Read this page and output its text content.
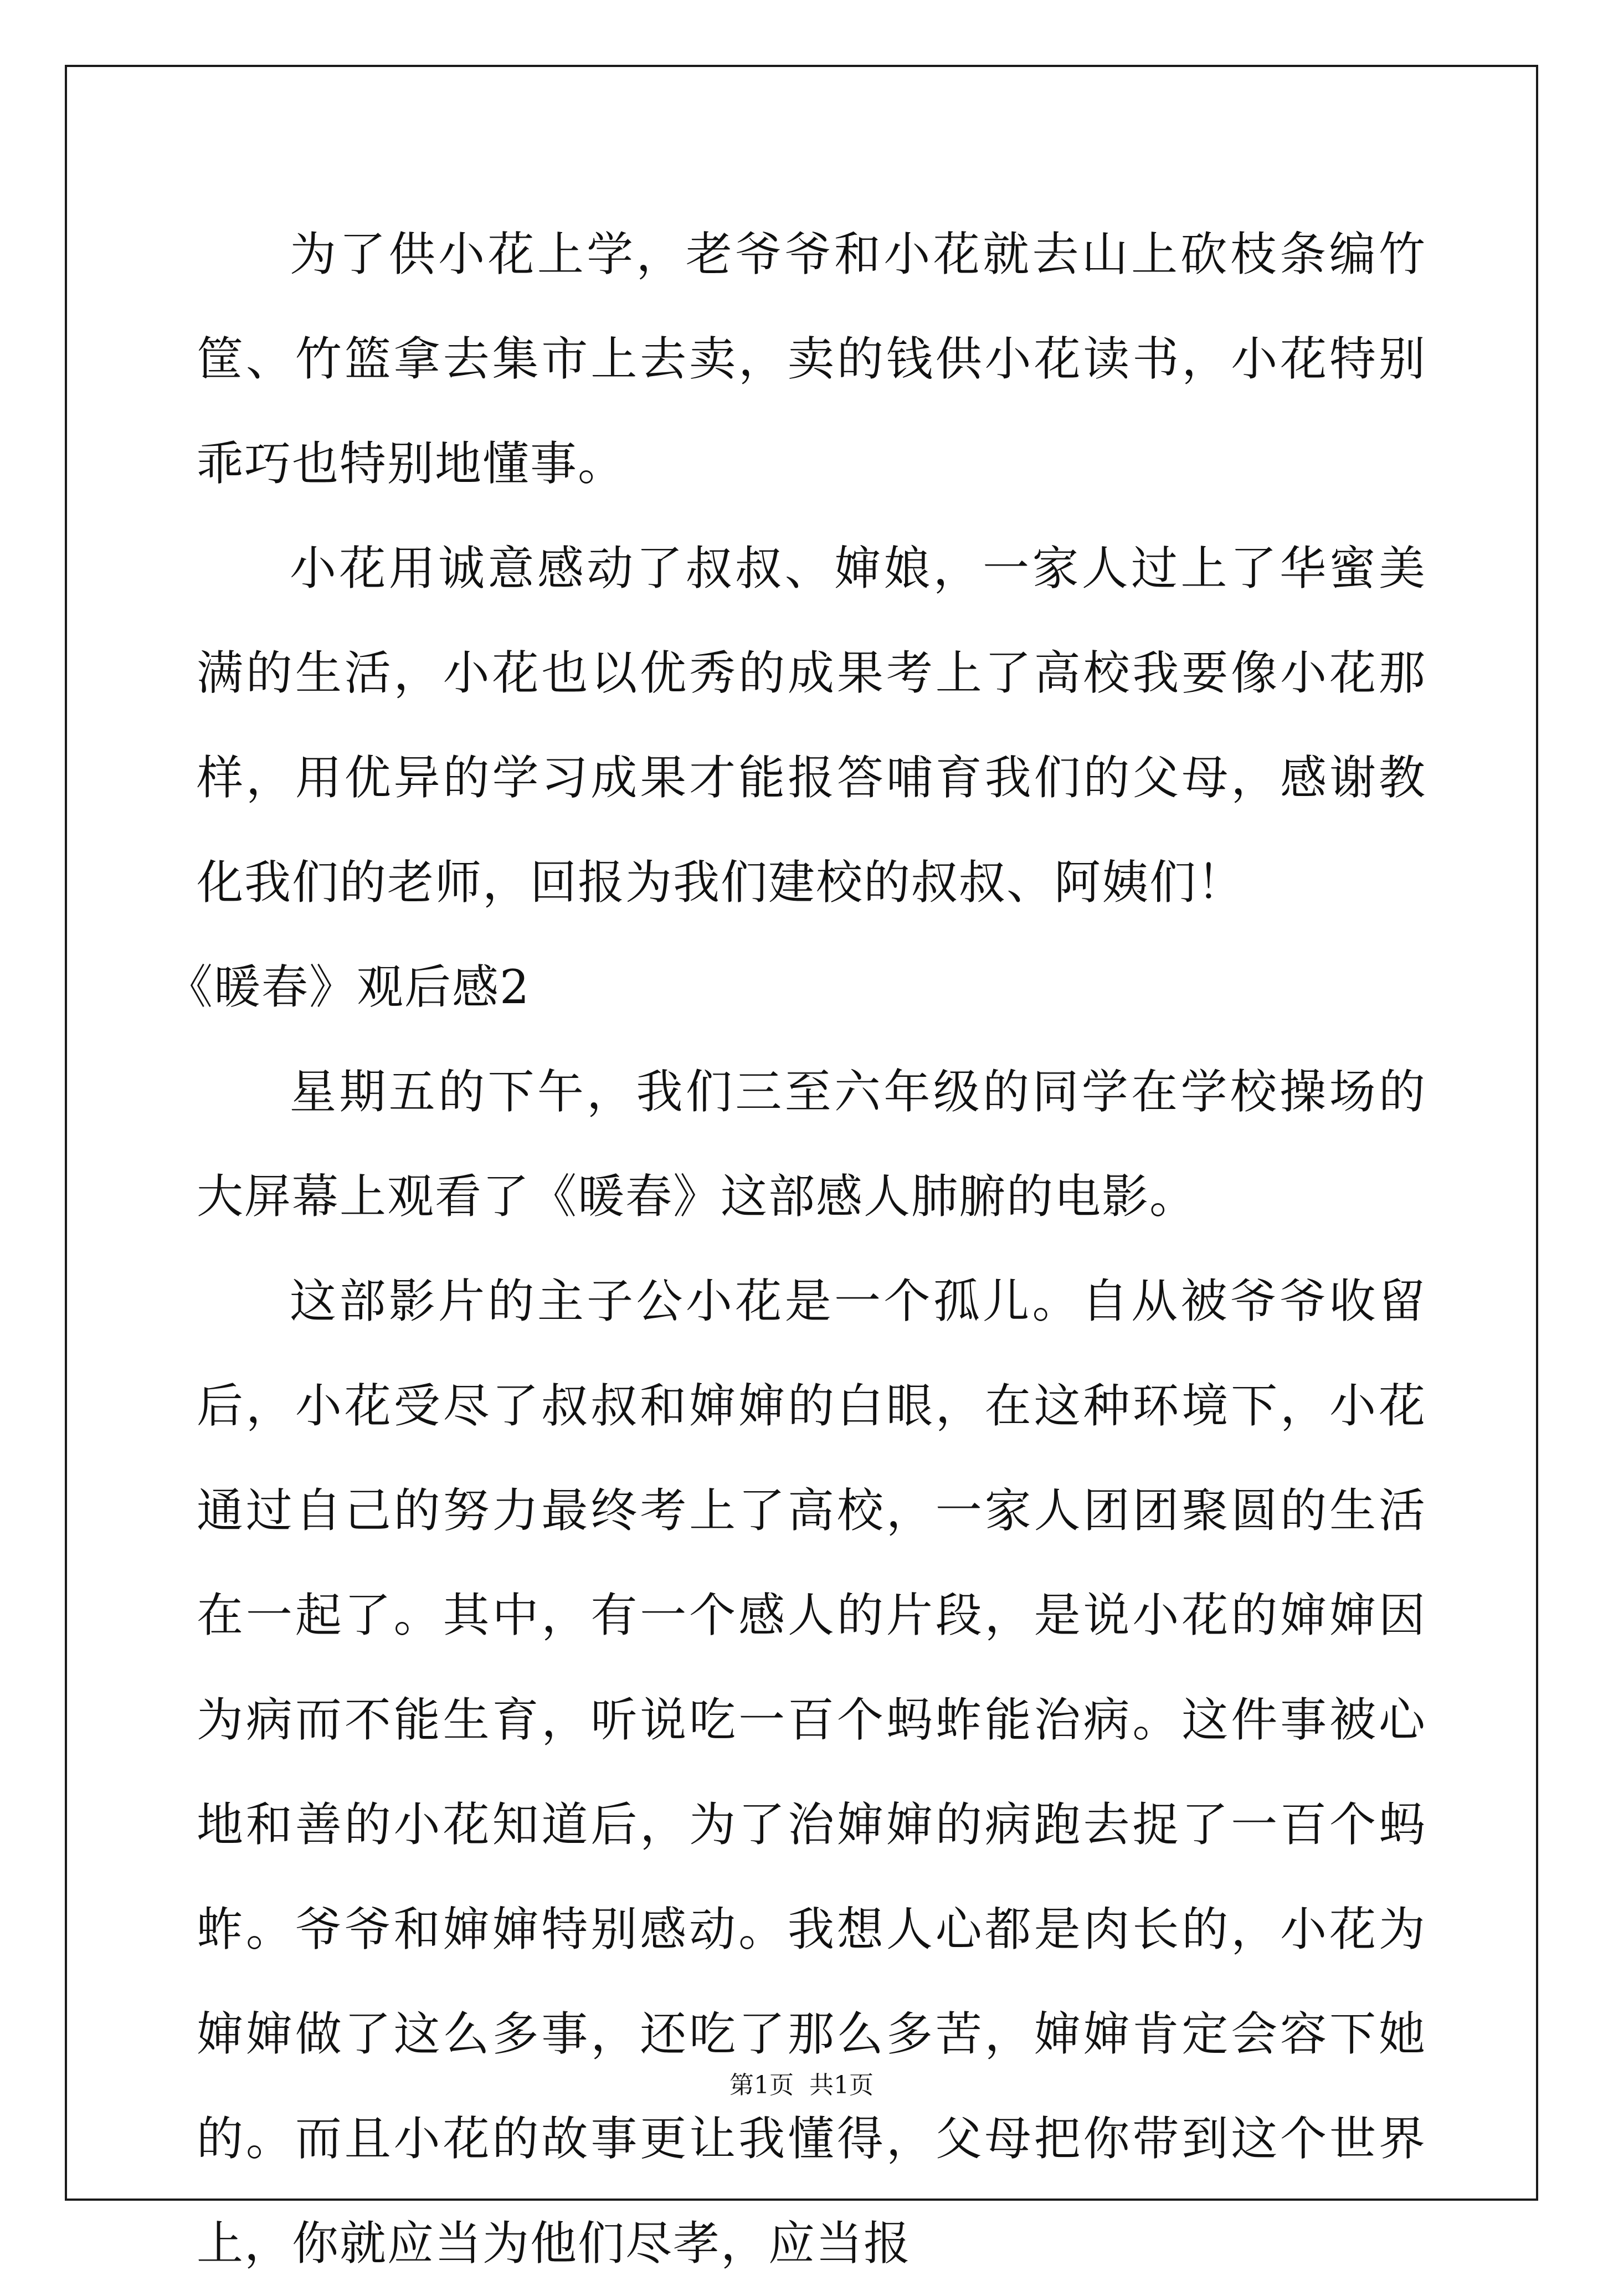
为了供小花上学，老爷爷和小花就去山上砍枝条编竹筐、竹篮拿去集市上去卖，卖的钱供小花读书，小花特别乖巧也特别地懂事。

小花用诚意感动了叔叔、婶娘，一家人过上了华蜜美满的生活，小花也以优秀的成果考上了高校我要像小花那样，用优异的学习成果才能报答哺育我们的父母，感谢教化我们的老师，回报为我们建校的叔叔、阿姨们！

《暖春》观后感2

星期五的下午，我们三至六年级的同学在学校操场的大屏幕上观看了《暖春》这部感人肺腑的电影。

这部影片的主子公小花是一个孤儿。自从被爷爷收留后，小花受尽了叔叔和婶婶的白眼，在这种环境下，小花通过自己的努力最终考上了高校，一家人团团聚圆的生活在一起了。其中，有一个感人的片段，是说小花的婶婶因为病而不能生育，听说吃一百个蚂蚱能治病。这件事被心地和善的小花知道后，为了治婶婶的病跑去捉了一百个蚂蚱。爷爷和婶婶特别感动。我想人心都是肉长的，小花为婶婶做了这么多事，还吃了那么多苦，婶婶肯定会容下她的。而且小花的故事更让我懂得，父母把你带到这个世界上，你就应当为他们尽孝，应当报

第1页 共1页
